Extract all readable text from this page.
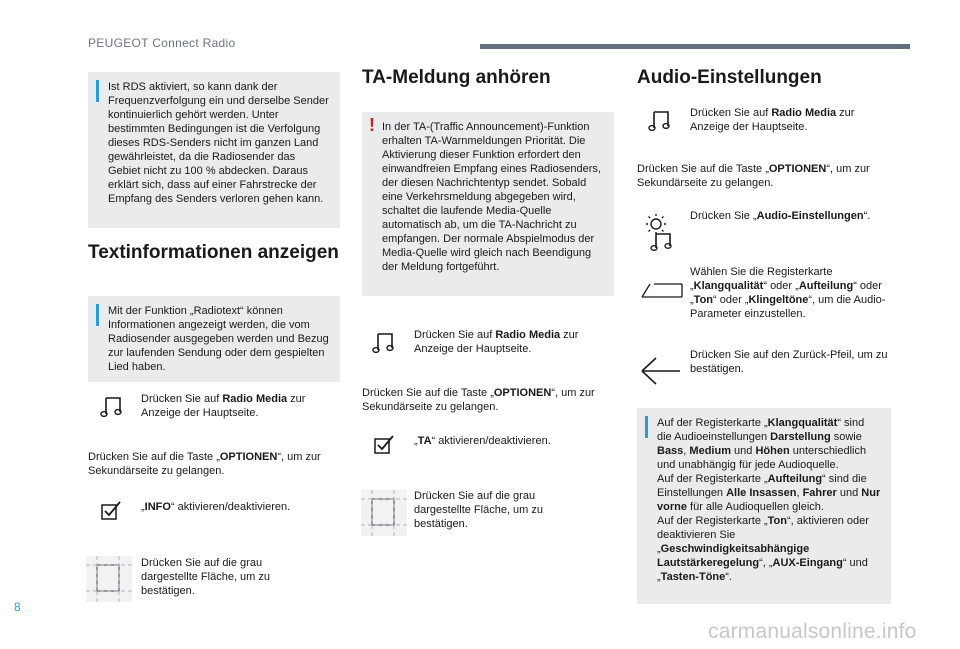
PEUGEOT Connect Radio
Ist RDS aktiviert, so kann dank der Frequenzverfolgung ein und derselbe Sender kontinuierlich gehört werden. Unter bestimmten Bedingungen ist die Verfolgung dieses RDS-Senders nicht im ganzen Land gewährleistet, da die Radiosender das Gebiet nicht zu 100 % abdecken. Daraus erklärt sich, dass auf einer Fahrstrecke der Empfang des Senders verloren gehen kann.
Textinformationen anzeigen
Mit der Funktion „Radiotext“ können Informationen angezeigt werden, die vom Radiosender ausgegeben werden und Bezug zur laufenden Sendung oder dem gespielten Lied haben.
Drücken Sie auf Radio Media zur Anzeige der Hauptseite.
Drücken Sie auf die Taste „OPTIONEN“, um zur Sekundärseite zu gelangen.
„INFO“ aktivieren/deaktivieren.
Drücken Sie auf die grau dargestellte Fläche, um zu bestätigen.
TA-Meldung anhören
! In der TA-(Traffic Announcement)-Funktion erhalten TA-Warnmeldungen Priorität. Die Aktivierung dieser Funktion erfordert den einwandfreien Empfang eines Radiosenders, der diesen Nachrichtentyp sendet. Sobald eine Verkehrsmeldung abgegeben wird, schaltet die laufende Media-Quelle automatisch ab, um die TA-Nachricht zu empfangen. Der normale Abspielmodus der Media-Quelle wird gleich nach Beendigung der Meldung fortgeführt.
Drücken Sie auf Radio Media zur Anzeige der Hauptseite.
Drücken Sie auf die Taste „OPTIONEN“, um zur Sekundärseite zu gelangen.
„TA“ aktivieren/deaktivieren.
Drücken Sie auf die grau dargestellte Fläche, um zu bestätigen.
Audio-Einstellungen
Drücken Sie auf Radio Media zur Anzeige der Hauptseite.
Drücken Sie auf die Taste „OPTIONEN“, um zur Sekundärseite zu gelangen.
Drücken Sie „Audio-Einstellungen“.
Wählen Sie die Registerkarte „Klangqualität“ oder „Aufteilung“ oder „Ton“ oder „Klingeltöne“, um die Audio-Parameter einzustellen.
Drücken Sie auf den Zurück-Pfeil, um zu bestätigen.
Auf der Registerkarte „Klangqualität“ sind die Audioeinstellungen Darstellung sowie Bass, Medium und Höhen unterschiedlich und unabhängig für jede Audioquelle.
Auf der Registerkarte „Aufteilung“ sind die Einstellungen Alle Insassen, Fahrer und Nur vorne für alle Audioquellen gleich.
Auf der Registerkarte „Ton“, aktivieren oder deaktivieren Sie „Geschwindigkeitsabhängige Lautstärkeregelung“, „AUX-Eingang“ und „Tasten-Töne“.
8
carmanualsonline.info
